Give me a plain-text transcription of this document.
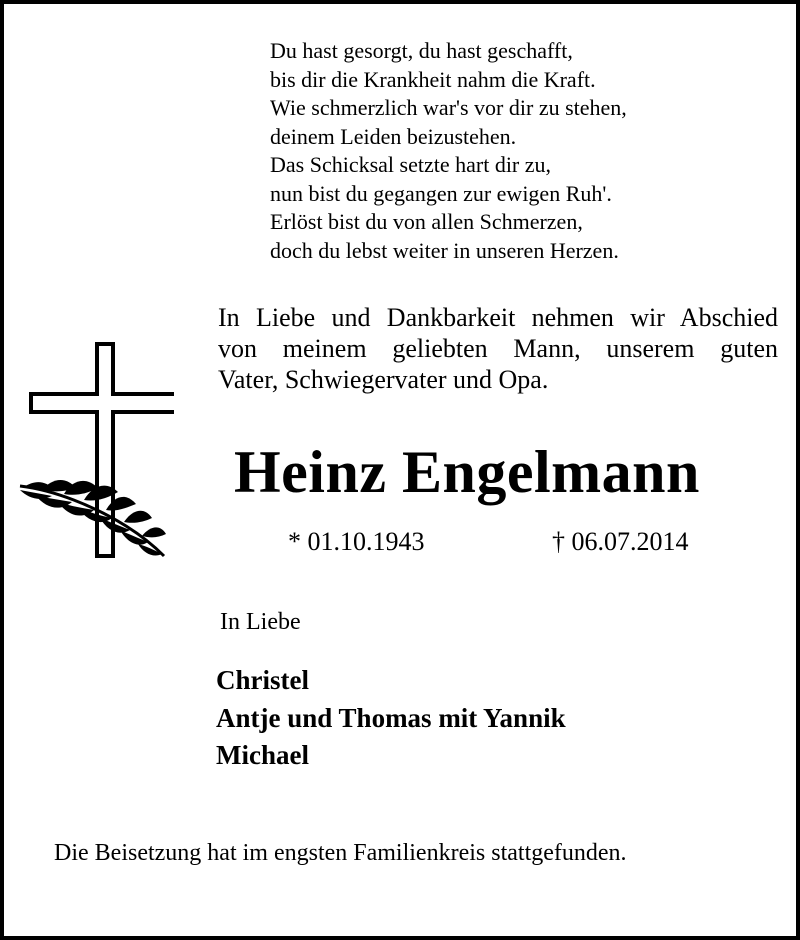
Du hast gesorgt, du hast geschafft,
bis dir die Krankheit nahm die Kraft.
Wie schmerzlich war's vor dir zu stehen,
deinem Leiden beizustehen.
Das Schicksal setzte hart dir zu,
nun bist du gegangen zur ewigen Ruh'.
Erlöst bist du von allen Schmerzen,
doch du lebst weiter in unseren Herzen.
In Liebe und Dankbarkeit nehmen wir Abschied
von meinem geliebten Mann, unserem guten
Vater, Schwiegervater und Opa.
Heinz Engelmann
* 01.10.1943	† 06.07.2014
In Liebe
Christel
Antje und Thomas mit Yannik
Michael
Die Beisetzung hat im engsten Familienkreis stattgefunden.
